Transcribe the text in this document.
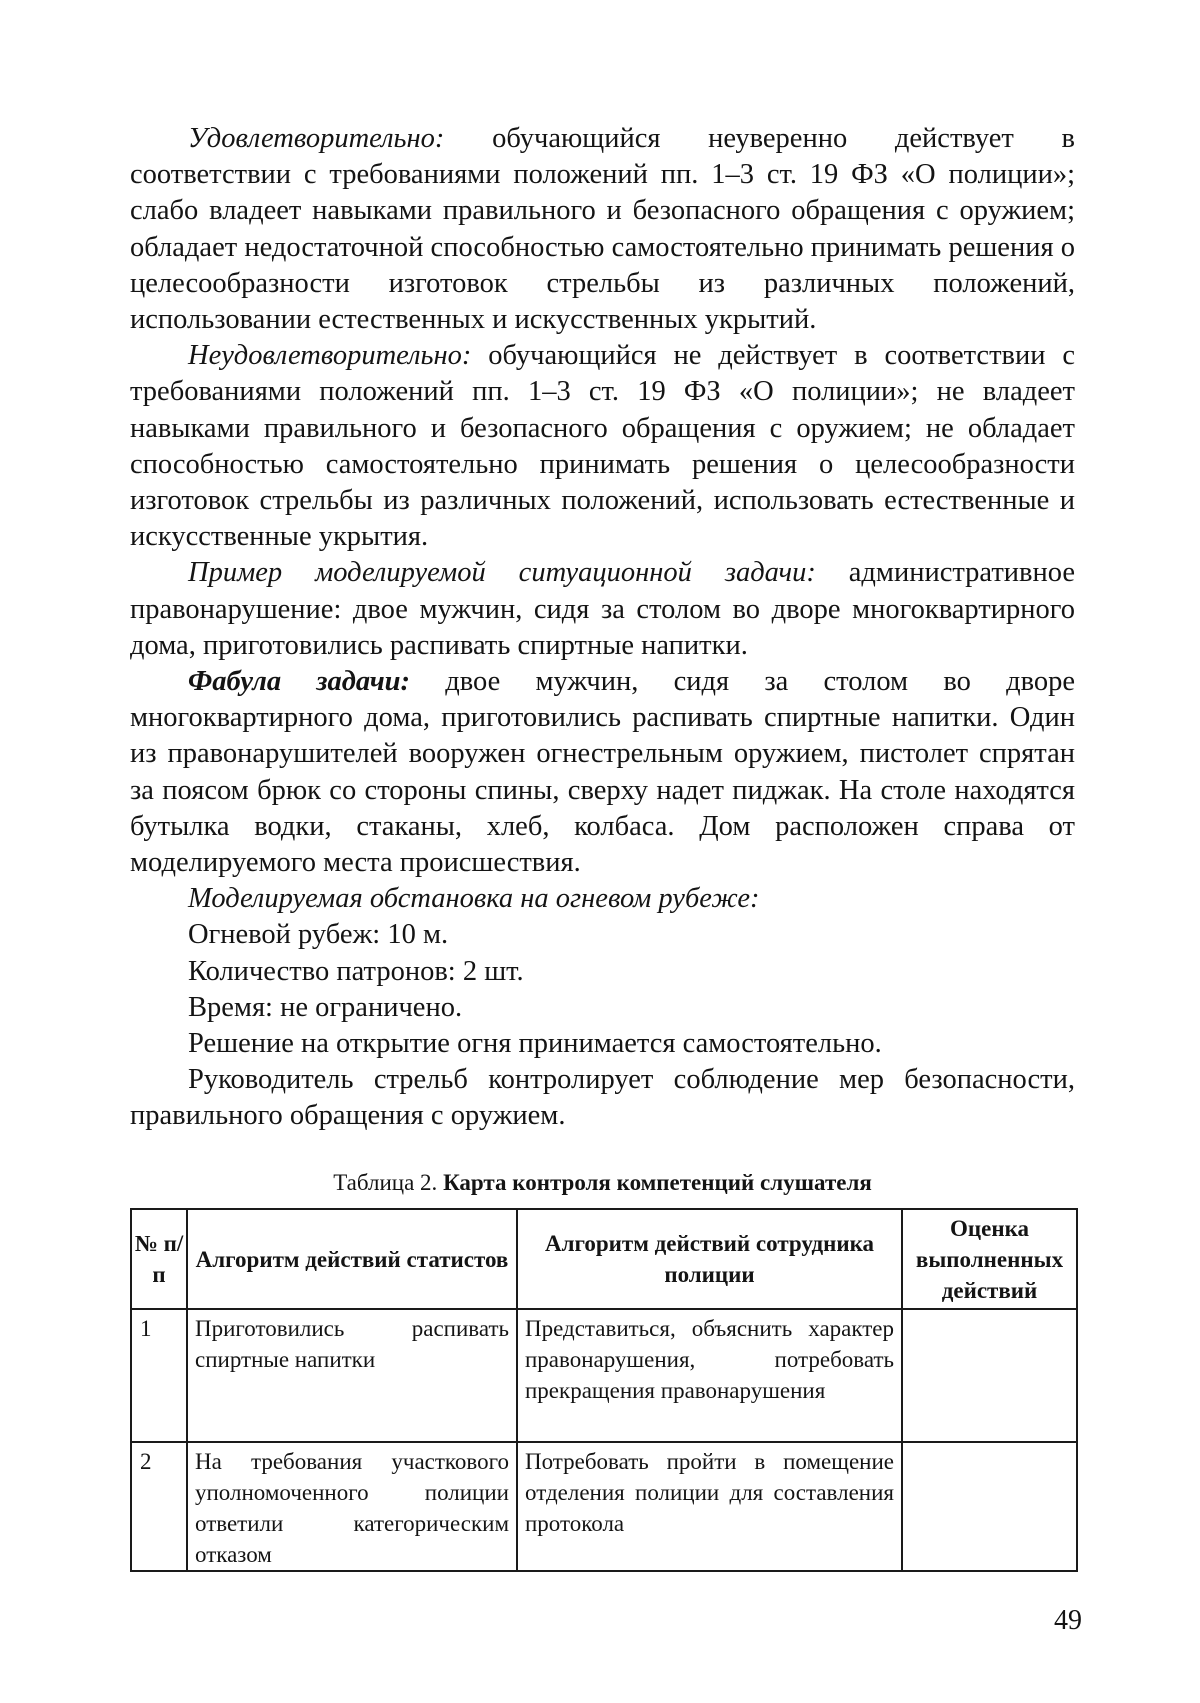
Удовлетворительно: обучающийся неуверенно действует в соответствии с требованиями положений пп. 1–3 ст. 19 ФЗ «О полиции»; слабо владеет навыками правильного и безопасного обращения с оружием; обладает недостаточной способностью самостоятельно принимать решения о целесообразности изготовок стрельбы из различных положений, использовании естественных и искусственных укрытий.

Неудовлетворительно: обучающийся не действует в соответствии с требованиями положений пп. 1–3 ст. 19 ФЗ «О полиции»; не владеет навыками правильного и безопасного обращения с оружием; не обладает способностью самостоятельно принимать решения о целесообразности изготовок стрельбы из различных положений, использовать естественные и искусственные укрытия.

Пример моделируемой ситуационной задачи: административное правонарушение: двое мужчин, сидя за столом во дворе многоквартирного дома, приготовились распивать спиртные напитки.

Фабула задачи: двое мужчин, сидя за столом во дворе многоквартирного дома, приготовились распивать спиртные напитки. Один из правонарушителей вооружен огнестрельным оружием, пистолет спрятан за поясом брюк со стороны спины, сверху надет пиджак. На столе находятся бутылка водки, стаканы, хлеб, колбаса. Дом расположен справа от моделируемого места происшествия.

Моделируемая обстановка на огневом рубеже:

Огневой рубеж: 10 м.

Количество патронов: 2 шт.

Время: не ограничено.

Решение на открытие огня принимается самостоятельно.

Руководитель стрельб контролирует соблюдение мер безопасности, правильного обращения с оружием.

Таблица 2. Карта контроля компетенций слушателя
№ п/п	Алгоритм действий статистов	Алгоритм действий сотрудника полиции	Оценка выполненных действий
1	Приготовились распивать спиртные напитки	Представиться, объяснить характер правонарушения, потребовать прекращения правонарушения	
2	На требования участкового уполномоченного полиции ответили категорическим отказом	Потребовать пройти в помещение отделения полиции для составления протокола	
49
